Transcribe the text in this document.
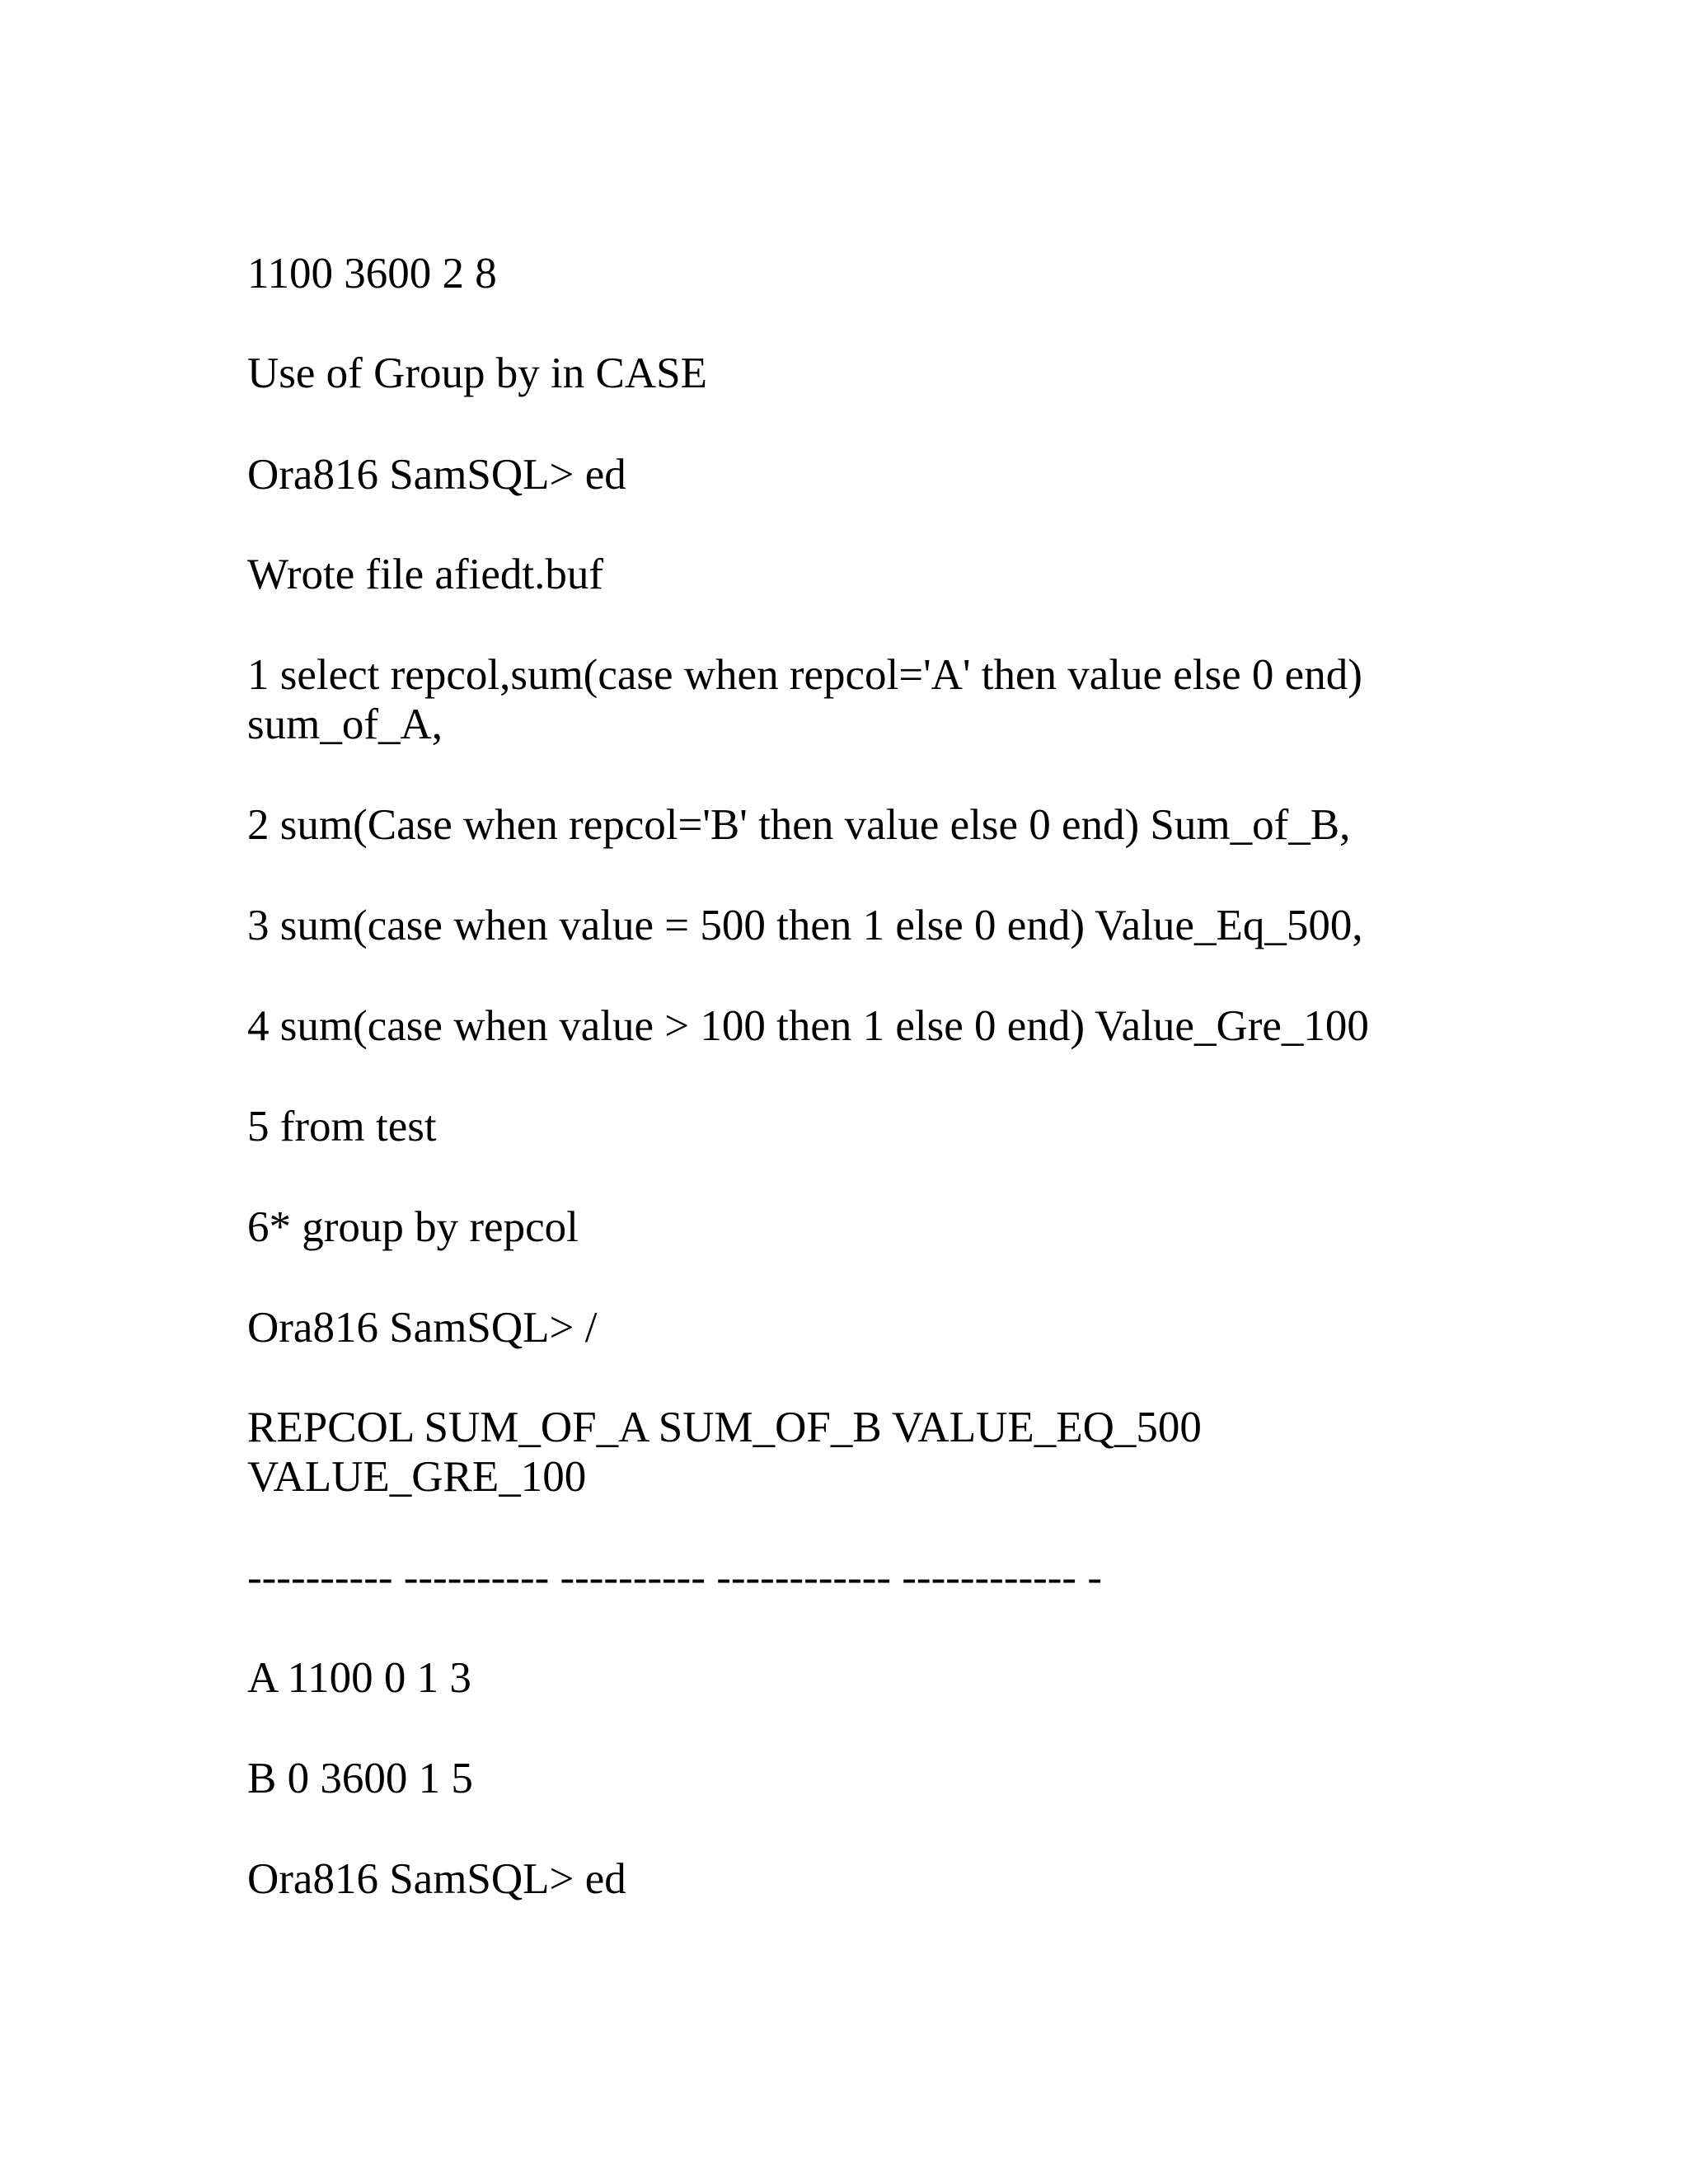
1100 3600 2 8

Use of Group by in CASE

Ora816 SamSQL> ed

Wrote file afiedt.buf

1 select repcol,sum(case when repcol='A' then value else 0 end)
sum_of_A,

2 sum(Case when repcol='B' then value else 0 end) Sum_of_B,

3 sum(case when value = 500 then 1 else 0 end) Value_Eq_500,

4 sum(case when value > 100 then 1 else 0 end) Value_Gre_100

5 from test

6* group by repcol

Ora816 SamSQL> /

REPCOL SUM_OF_A SUM_OF_B VALUE_EQ_500
VALUE_GRE_100

---------- ---------- ---------- ------------ ------------ -

A 1100 0 1 3

B 0 3600 1 5

Ora816 SamSQL> ed
